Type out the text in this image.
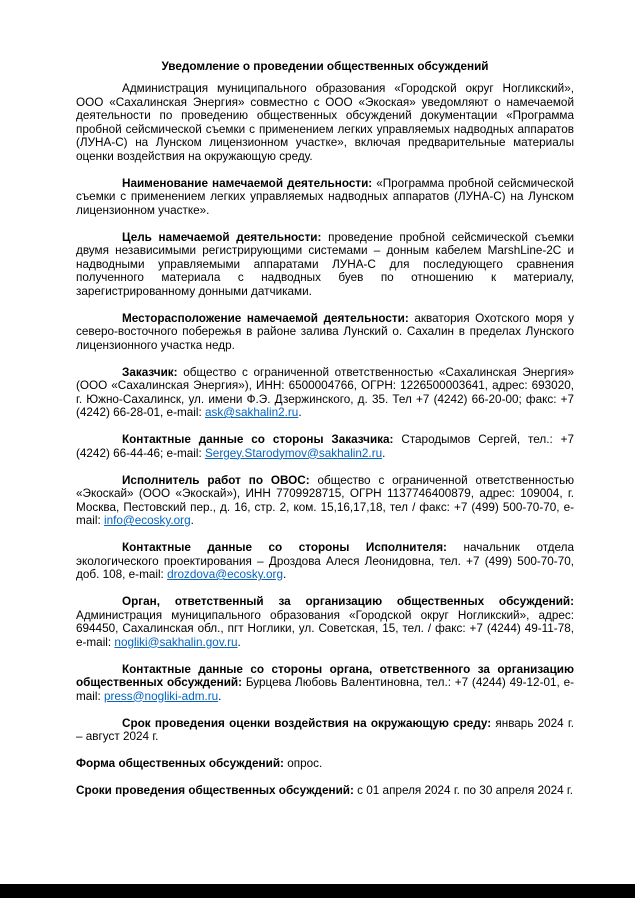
Уведомление о проведении общественных обсуждений

Администрация муниципального образования «Городской округ Ногликский», ООО «Сахалинская Энергия» совместно с ООО «Экоская» уведомляют о намечаемой деятельности по проведению общественных обсуждений документации «Программа пробной сейсмической съемки с применением легких управляемых надводных аппаратов (ЛУНА-С) на Лунском лицензионном участке», включая предварительные материалы оценки воздействия на окружающую среду.

Наименование намечаемой деятельности: «Программа пробной сейсмической съемки с применением легких управляемых надводных аппаратов (ЛУНА-С) на Лунском лицензионном участке».

Цель намечаемой деятельности: проведение пробной сейсмической съемки двумя независимыми регистрирующими системами – донным кабелем MarshLine-2C и надводными управляемыми аппаратами ЛУНА-С для последующего сравнения полученного материала с надводных буев по отношению к материалу, зарегистрированному донными датчиками.

Месторасположение намечаемой деятельности: акватория Охотского моря у северо-восточного побережья в районе залива Лунский о. Сахалин в пределах Лунского лицензионного участка недр.

Заказчик: общество с ограниченной ответственностью «Сахалинская Энергия» (ООО «Сахалинская Энергия»), ИНН: 6500004766, ОГРН: 1226500003641, адрес: 693020, г. Южно-Сахалинск, ул. имени Ф.Э. Дзержинского, д. 35. Тел +7 (4242) 66-20-00; факс: +7 (4242) 66-28-01, e-mail: ask@sakhalin2.ru.

Контактные данные со стороны Заказчика: Стародымов Сергей, тел.: +7 (4242) 66-44-46; e-mail: Sergey.Starodymov@sakhalin2.ru.

Исполнитель работ по ОВОС: общество с ограниченной ответственностью «Экоскай» (ООО «Экоскай»), ИНН 7709928715, ОГРН 1137746400879, адрес: 109004, г. Москва, Пестовский пер., д. 16, стр. 2, ком. 15,16,17,18, тел / факс: +7 (499) 500-70-70, e-mail: info@ecosky.org.

Контактные данные со стороны Исполнителя: начальник отдела экологического проектирования – Дроздова Алеся Леонидовна, тел. +7 (499) 500-70-70, доб. 108, e-mail: drozdova@ecosky.org.

Орган, ответственный за организацию общественных обсуждений: Администрация муниципального образования «Городской округ Ногликский», адрес: 694450, Сахалинская обл., пгт Ноглики, ул. Советская, 15, тел. / факс: +7 (4244) 49-11-78, e-mail: nogliki@sakhalin.gov.ru.

Контактные данные со стороны органа, ответственного за организацию общественных обсуждений: Бурцева Любовь Валентиновна, тел.: +7 (4244) 49-12-01, e-mail: press@nogliki-adm.ru.

Срок проведения оценки воздействия на окружающую среду: январь 2024 г. – август 2024 г.

Форма общественных обсуждений: опрос.

Сроки проведения общественных обсуждений: с 01 апреля 2024 г. по 30 апреля 2024 г.
